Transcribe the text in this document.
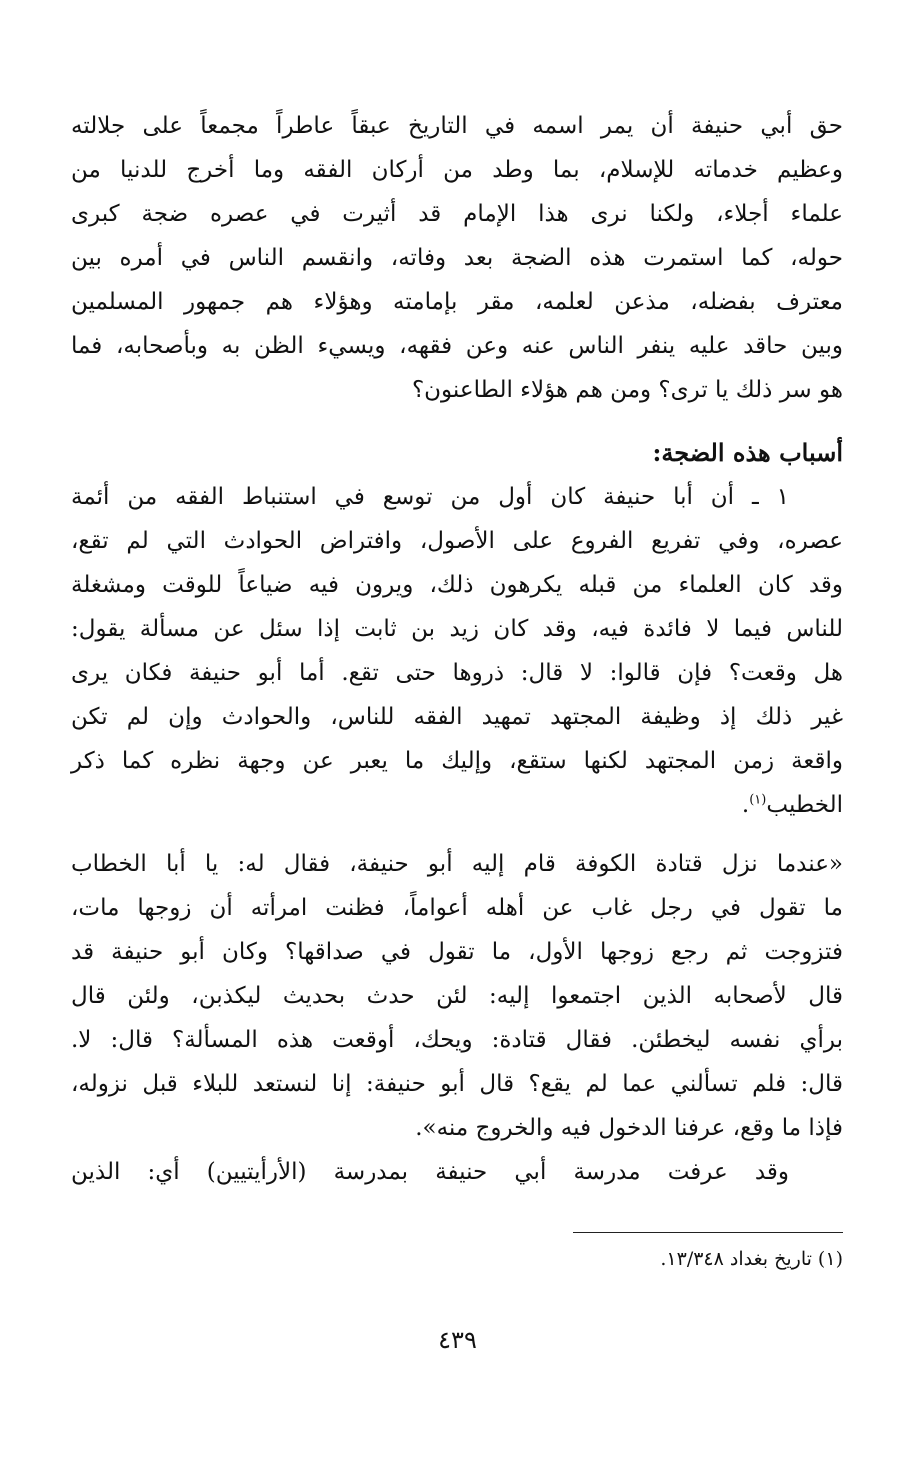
حق أبي حنيفة أن يمر اسمه في التاريخ عبقاً عاطراً مجمعاً على جلالته
وعظيم خدماته للإسلام، بما وطد من أركان الفقه وما أخرج للدنيا من
علماء أجلاء، ولكنا نرى هذا الإمام قد أثيرت في عصره ضجة كبرى
حوله، كما استمرت هذه الضجة بعد وفاته، وانقسم الناس في أمره بين
معترف بفضله، مذعن لعلمه، مقر بإمامته وهؤلاء هم جمهور المسلمين
وبين حاقد عليه ينفر الناس عنه وعن فقهه، ويسيء الظن به وبأصحابه، فما
هو سر ذلك يا ترى؟ ومن هم هؤلاء الطاعنون؟
أسباب هذه الضجة:
١ ـ أن أبا حنيفة كان أول من توسع في استنباط الفقه من أئمة
عصره، وفي تفريع الفروع على الأصول، وافتراض الحوادث التي لم تقع،
وقد كان العلماء من قبله يكرهون ذلك، ويرون فيه ضياعاً للوقت ومشغلة
للناس فيما لا فائدة فيه، وقد كان زيد بن ثابت إذا سئل عن مسألة يقول:
هل وقعت؟ فإن قالوا: لا قال: ذروها حتى تقع. أما أبو حنيفة فكان يرى
غير ذلك إذ وظيفة المجتهد تمهيد الفقه للناس، والحوادث وإن لم تكن
واقعة زمن المجتهد لكنها ستقع، وإليك ما يعبر عن وجهة نظره كما ذكر
الخطيب$^{(١)}$.
«عندما نزل قتادة الكوفة قام إليه أبو حنيفة، فقال له: يا أبا الخطاب
ما تقول في رجل غاب عن أهله أعواماً، فظنت امرأته أن زوجها مات،
فتزوجت ثم رجع زوجها الأول، ما تقول في صداقها؟ وكان أبو حنيفة قد
قال لأصحابه الذين اجتمعوا إليه: لئن حدث بحديث ليكذبن، ولئن قال
برأي نفسه ليخطئن. فقال قتادة: ويحك، أوقعت هذه المسألة؟ قال: لا.
قال: فلم تسألني عما لم يقع؟ قال أبو حنيفة: إنا لنستعد للبلاء قبل نزوله،
فإذا ما وقع، عرفنا الدخول فيه والخروج منه».
وقد عرفت مدرسة أبي حنيفة بمدرسة (الأرأيتيين) أي: الذين
(١) تاريخ بغداد ١٣/٣٤٨.
٤٣٩
